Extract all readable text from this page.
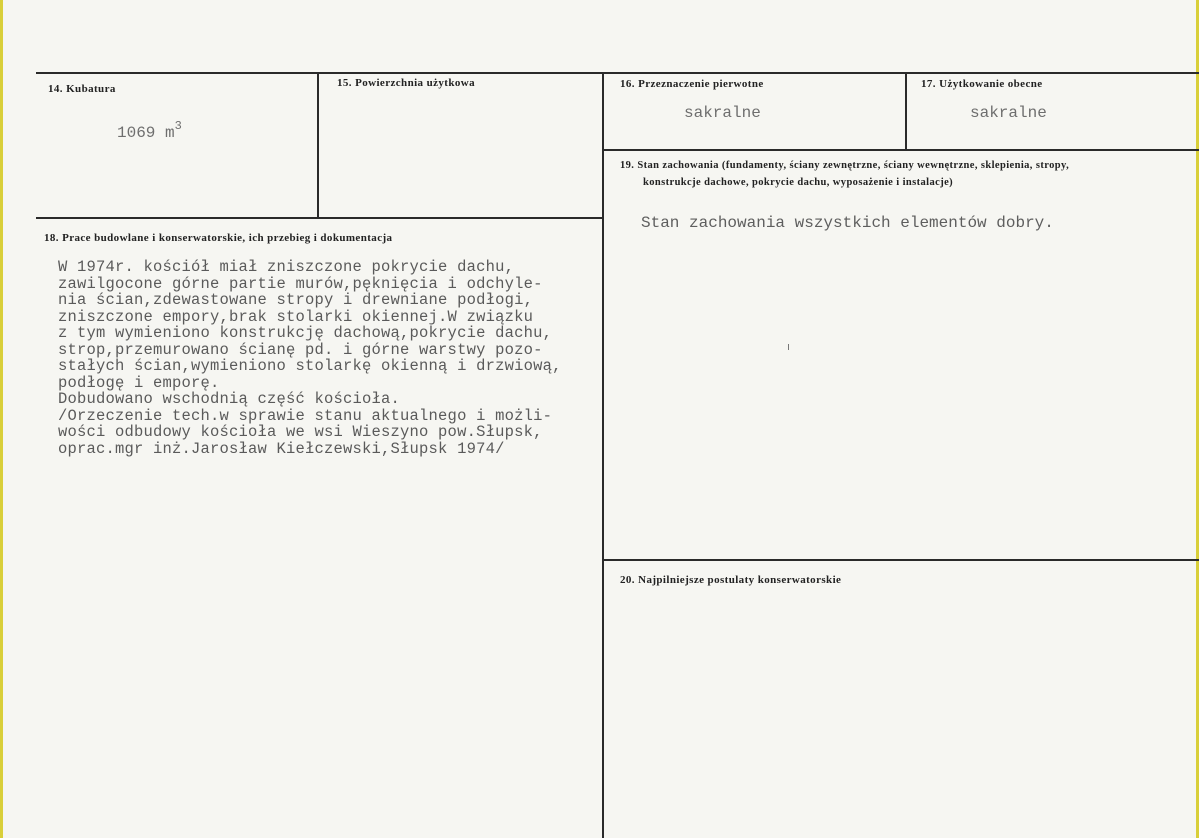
14. Kubatura
1069 $m^3$
15. Powierzchnia użytkowa	16. Przeznaczenie pierwotne
sakralne
17. Użytkowanie obecne
sakralne
19. Stan zachowania (fundamenty, ściany zewnętrzne, ściany wewnętrzne, sklepienia, stropy,
konstrukcje dachowe, pokrycie dachu, wyposażenie i instalacje)
Stan zachowania wszystkich elementów dobry.
18. Prace budowlane i konserwatorskie, ich przebieg i dokumentacja
W 1974r. kościół miał zniszczone pokrycie dachu,
zawilgocone górne partie murów,pęknięcia i odchyle-
nia ścian,zdewastowane stropy i drewniane podłogi,
zniszczone empory,brak stolarki okiennej.W związku
z tym wymieniono konstrukcję dachową,pokrycie dachu,
strop,przemurowano ścianę pd. i górne warstwy pozo-
stałych ścian,wymieniono stolarkę okienną i drzwiową,
podłogę i emporę.
Dobudowano wschodnią część kościoła.
/Orzeczenie tech.w sprawie stanu aktualnego i możli-
wości odbudowy kościoła we wsi Wieszyno pow.Słupsk,
oprac.mgr inż.Jarosław Kiełczewski,Słupsk 1974/
20. Najpilniejsze postulaty konserwatorskie
